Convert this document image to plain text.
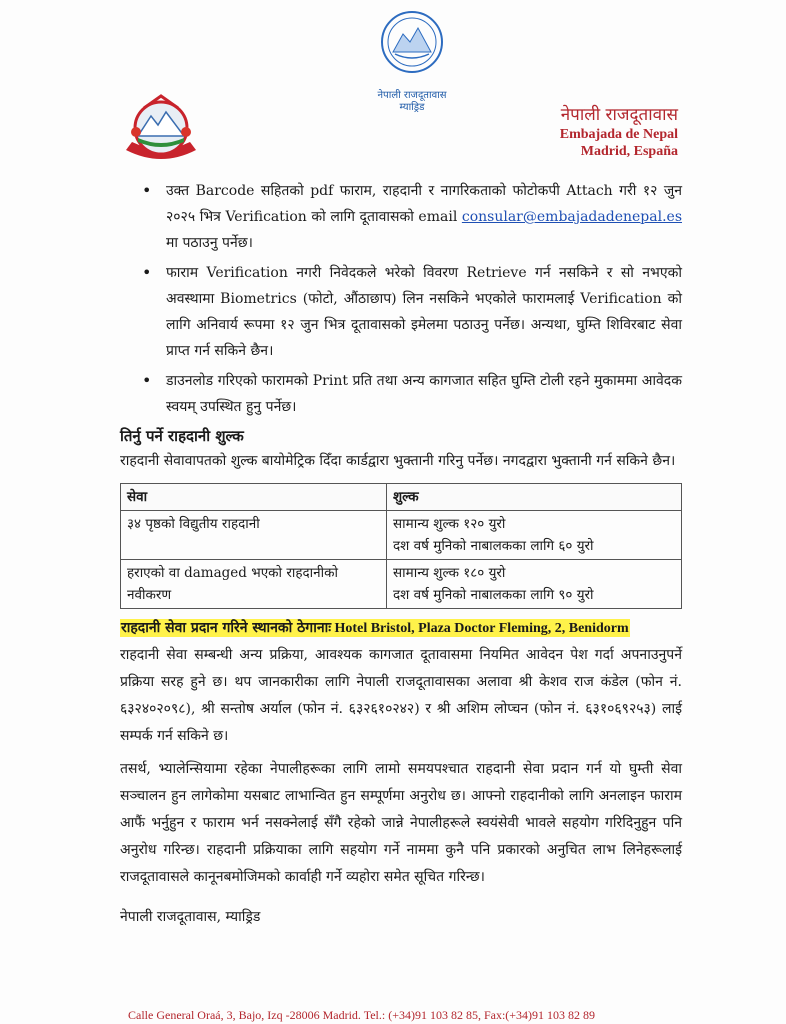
नेपाली राजदूतावास
म्याड्रिड	नेपाली राजदूतावास
Embajada de Nepal
Madrid, España
• उक्त Barcode सहितको pdf फाराम, राहदानी र नागरिकताको फोटोकपी Attach गरी १२ जुन २०२५ भित्र Verification को लागि दूतावासको email consular@embajadadenepal.es मा पठाउनु पर्नेछ।
• फाराम Verification नगरी निवेदकले भरेको विवरण Retrieve गर्न नसकिने र सो नभएको अवस्थामा Biometrics (फोटो, औंठाछाप) लिन नसकिने भएकोले फारामलाई Verification को लागि अनिवार्य रूपमा १२ जुन भित्र दूतावासको इमेलमा पठाउनु पर्नेछ। अन्यथा, घुम्ति शिविरबाट सेवा प्राप्त गर्न सकिने छैन।
• डाउनलोड गरिएको फारामको Print प्रति तथा अन्य कागजात सहित घुम्ति टोली रहने मुकाममा आवेदक स्वयम् उपस्थित हुनु पर्नेछ।
तिर्नु पर्ने राहदानी शुल्क

राहदानी सेवावापतको शुल्क बायोमेट्रिक दिँदा कार्डद्वारा भुक्तानी गरिनु पर्नेछ। नगदद्वारा भुक्तानी गर्न सकिने छैन।

सेवा	शुल्क
३४ पृष्ठको विद्युतीय राहदानी	सामान्य शुल्क १२० युरो
दश वर्ष मुनिको नाबालकका लागि ६० युरो

हराएको वा damaged भएको राहदानीको नवीकरण	सामान्य शुल्क १८० युरो
दश वर्ष मुनिको नाबालकका लागि ९० युरो
राहदानी सेवा प्रदान गरिने स्थानको ठेगानाः Hotel Bristol, Plaza Doctor Fleming, 2, Benidorm

राहदानी सेवा सम्बन्धी अन्य प्रक्रिया, आवश्यक कागजात दूतावासमा नियमित आवेदन पेश गर्दा अपनाउनुपर्ने प्रक्रिया सरह हुने छ। थप जानकारीका लागि नेपाली राजदूतावासका अलावा श्री केशव राज कंडेल (फोन नं. ६३२४०२०९८), श्री सन्तोष अर्याल (फोन नं. ६३२६१०२४२) र श्री अशिम लोप्चन (फोन नं. ६३१०६९२५३) लाई सम्पर्क गर्न सकिने छ।

तसर्थ, भ्यालेन्सियामा रहेका नेपालीहरूका लागि लामो समयपश्चात राहदानी सेवा प्रदान गर्न यो घुम्ती सेवा सञ्चालन हुन लागेकोमा यसबाट लाभान्वित हुन सम्पूर्णमा अनुरोध छ। आफ्नो राहदानीको लागि अनलाइन फाराम आफैं भर्नुहुन र फाराम भर्न नसक्नेलाई सँगै रहेको जान्ने नेपालीहरूले स्वयंसेवी भावले सहयोग गरिदिनुहुन पनि अनुरोध गरिन्छ। राहदानी प्रक्रियाका लागि सहयोग गर्ने नाममा कुनै पनि प्रकारको अनुचित लाभ लिनेहरूलाई राजदूतावासले कानूनबमोजिमको कार्वाही गर्ने व्यहोरा समेत सूचित गरिन्छ।

नेपाली राजदूतावास, म्याड्रिड
Calle General Oraá, 3, Bajo, Izq -28006 Madrid. Tel.: (+34)91 103 82 85, Fax:(+34)91 103 82 89
